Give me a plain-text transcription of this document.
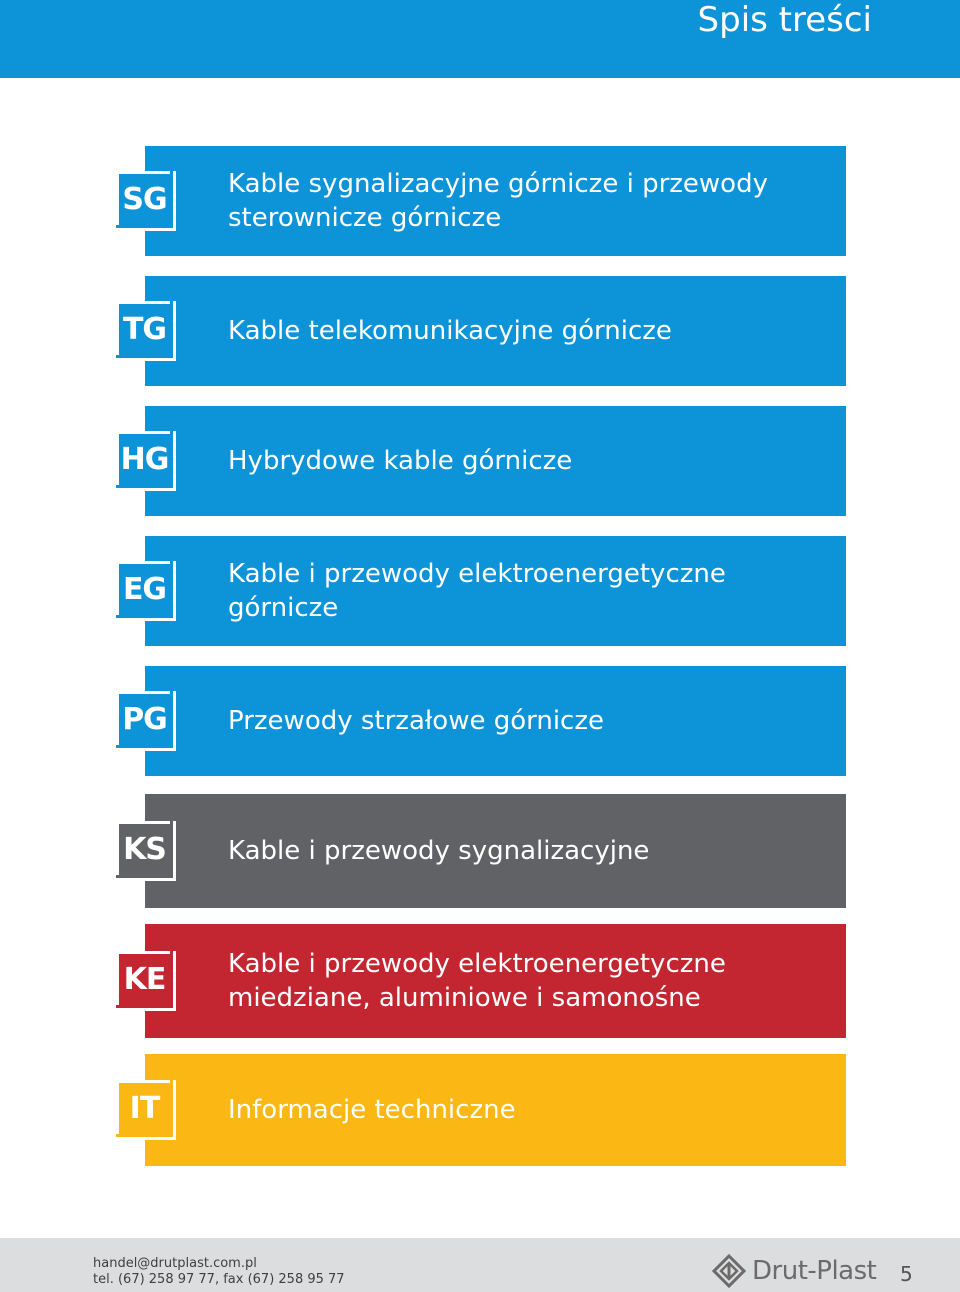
Spis treści
SG Kable sygnalizacyjne górnicze i przewody sterownicze górnicze
TG Kable telekomunikacyjne górnicze
HG Hybrydowe kable górnicze
EG Kable i przewody elektroenergetyczne górnicze
PG Przewody strzałowe górnicze
KS Kable i przewody sygnalizacyjne
KE Kable i przewody elektroenergetyczne miedziane, aluminiowe i samonośne
IT	Informacje techniczne
handel@drutplast.com.pl
tel. (67) 258 97 77, fax (67) 258 95 77	Drut-Plast 5
